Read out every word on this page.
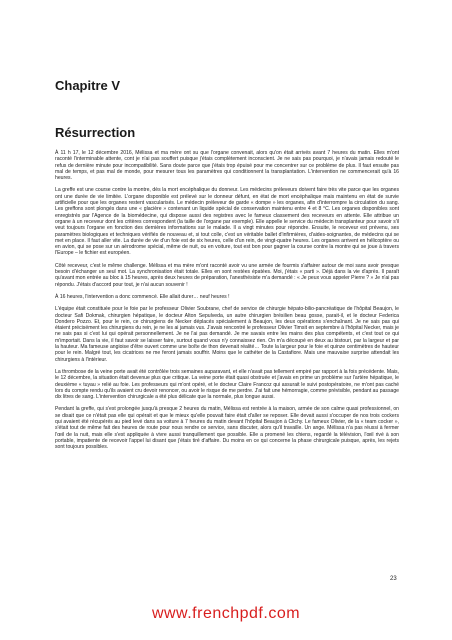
Chapitre V
Résurrection

À 11 h 17, le 12 décembre 2016, Mélissa et ma mère ont su que l'organe convenait, alors qu'on était arrivés avant 7 heures du matin. Elles m'ont raconté l'interminable attente, cont je n'ai pas souffert puisque j'étais complètement inconscient. Je ne sais pas pourquoi, je n'avais jamais redouté le refus de dernière minute pour incompatibilité. Sans doute parce que j'étais trop épuisé pour me concentrer sur ce problème de plus. Il faut ensuite pas mal de temps, et pas mal de monde, pour mesurer tous les paramètres qui conditionnent la transplantation. L'intervention ne commencerait qu'à 16 heures.

La greffe est une course contre la montre, dès la mort encéphalique du donneur. Les médecins préleveurs doivent faire très vite parce que les organes ont une durée de vie limitée. L'organe disponible est prélevé sur le donneur défunt, en état de mort encéphalique mais maintenu en état de survie artificielle pour que les organes restent vascularisés. Le médecin préleveur de garde « dompe » les organes, afin d'interrompre la circulation du sang. Les greffons sont plongés dans une « glacière » contenant un liquide spécial de conservation maintenu entre 4 et 8 °C. Les organes disponibles sont enregistrés par l'Agence de la biomédecine, qui dispose aussi des registres avec le fameux classement des receveurs en attente. Elle attribue un organe à un receveur dont les critères correspondent (la taille de l'organe par exemple). Elle appelle le service du médecin transplanteur pour savoir s'il veut toujours l'organe en fonction des dernières informations sur le malade. Il a vingt minutes pour répondre. Ensuite, le receveur est prévenu, ses paramètres biologiques et techniques vérifiés de nouveau et, si tout colle, c'est un véritable ballet d'infirmières, d'aides-soignantes, de médecins qui se met en place. Il faut aller vite. La durée de vie d'un foie est de six heures, celle d'un rein, de vingt-quatre heures. Les organes arrivent en hélicoptère ou en avion, qui se pose sur un aérodrome spécial, même de nuit, ou en voiture, tout est bon pour gagner la course contre la montre qui se joue à travers l'Europe – le fichier est européen.

Côté receveur, c'est le même challenge. Mélissa et ma mère m'ont raconté avoir vu une armée de fourmis s'affairer autour de moi sans avoir presque besoin d'échanger un seul mot. La synchronisation était totale. Elles en sont restées épatées. Moi, j'étais « parti ». Déjà dans la vie d'après. Il paraît qu'avant mon entrée au bloc à 15 heures, après deux heures de préparation, l'anesthésiste m'a demandé : « Je peux vous appeler Pierre ? » Je n'ai pas répondu. J'étais d'accord pour tout, je n'ai aucun souvenir !

À 16 heures, l'intervention a donc commencé. Elle allait durer… neuf heures !

L'équipe était constituée pour le foie par le professeur Olivier Soubrane, chef de service de chirurgie hépato-bilio-pancréatique de l'hôpital Beaujon, le docteur Safi Dokmak, chirurgien hépatique, le docteur Alton Sepulveda, un autre chirurgien brésilien beau gosse, parait-il, et le docteur Federica Dondero Pozzo. Et, pour le rein, ce chirurgiens de Necker déplacés spécialement à Beaujon, les deux opérations s'enchaînant. Je ne sais pas qui étaient précisément les chirurgiens du rein, je ne les ai jamais vus. J'avais rencontré le professeur Olivier Timsit en septembre à l'hôpital Necker, mais je ne sais pas si c'est lui qui opérait personnellement. Je ne l'ai pas demandé. Je me savais entre les mains des plus compétents, et c'est tout ce qui m'importait. Dans la vie, il faut savoir se laisser faire, surtout quand vous n'y connaissez rien. On m'a découpé en deux au bistouri, par la largeur et par la hauteur. Ma fameuse angioise d'être ouvert comme une boîte de thon devenait réalité… Toute la largeur pour le foie et quinze centimètres de hauteur pour le rein. Malgré tout, les cicatrices ne me feront jamais souffrir. Moins que le cathéter de la Castafiore. Mais une mauvaise surprise attendait les chirurgiens à l'intérieur.

La thrombose de la veine porte avait été contrôlée trois semaines auparavant, et elle n'avait pas tellement empiré par rapport à la fois précédente. Mais, le 12 décembre, la situation était devenue plus que critique. La veine porte était quasi obstruée et j'avais en prime un problème sur l'artère hépatique, le deuxième « tuyau » relié au foie. Les professeurs qui m'ont opéré, et le docteur Claire Francoz qui assurait le suivi postopératoire, ne m'ont pas caché lors du compte rendu qu'ils avaient cru devoir renoncer, ou avoir le risque de me perdre. J'ai fait une hémorragie, comme prévisible, pendant au passage dix litres de sang. L'intervention chirurgicale a été plus délicate que la normale, plus longue aussi.

Pendant la greffe, qui s'est prolongée jusqu'à presque 2 heures du matin, Mélissa est rentrée à la maison, armée de son calme quasi professionnel, on se disait que ce n'était pas elle qui opérait et que le mieux qu'elle pouvait faire était d'aller se reposer. Elle devait aussi s'occuper de nos trois cockers qui avaient été récupérés au pied levé dans sa voiture à 7 heures du matin devant l'hôpital Beaujon à Clichy. Le fameux Olivier, de la « team cocker », s'était tout de même fait des heures de route pour nous rendre ce service, sans discuter, alors qu'il travaille. Un ange. Mélissa n'a pas réussi à fermer l'œil de la nuit, mais elle s'est appliquée à vivre aussi tranquillement que possible. Elle a promené les chiens, regardé la télévision, l'œil rivé à son portable, impatiente de recevoir l'appel lui disant que j'étais tiré d'affaire. Du moins en ce qui concerne la phase chirurgicale puisque, après, les rejets sont toujours possibles.

23

www.frenchpdf.com
